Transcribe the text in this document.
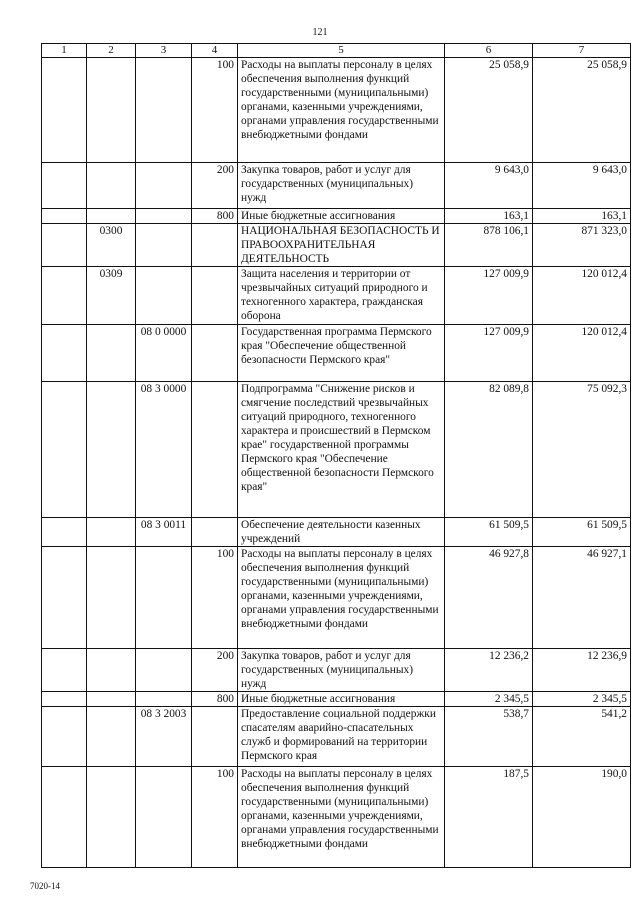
121
1	2	3	4	5	6	7
			100	Расходы на выплаты персоналу в целях обеспечения выполнения функций государственными (муниципальными) органами, казенными учреждениями, органами управления государственными внебюджетными фондами	25 058,9	25 058,9
			200	Закупка товаров, работ и услуг для государственных (муниципальных) нужд	9 643,0	9 643,0
			800	Иные бюджетные ассигнования	163,1	163,1
	0300			НАЦИОНАЛЬНАЯ БЕЗОПАСНОСТЬ И ПРАВООХРАНИТЕЛЬНАЯ ДЕЯТЕЛЬНОСТЬ	878 106,1	871 323,0
	0309			Защита населения и территории от чрезвычайных ситуаций природного и техногенного характера, гражданская оборона	127 009,9	120 012,4
		08 0 0000		Государственная программа Пермского края "Обеспечение общественной безопасности Пермского края"	127 009,9	120 012,4
		08 3 0000		Подпрограмма "Снижение рисков и смягчение последствий чрезвычайных ситуаций природного, техногенного характера и происшествий в Пермском крае" государственной программы Пермского края "Обеспечение общественной безопасности Пермского края"	82 089,8	75 092,3
		08 3 0011		Обеспечение деятельности казенных учреждений	61 509,5	61 509,5
			100	Расходы на выплаты персоналу в целях обеспечения выполнения функций государственными (муниципальными) органами, казенными учреждениями, органами управления государственными внебюджетными фондами	46 927,8	46 927,1
			200	Закупка товаров, работ и услуг для государственных (муниципальных) нужд	12 236,2	12 236,9
			800	Иные бюджетные ассигнования	2 345,5	2 345,5
		08 3 2003		Предоставление социальной поддержки спасателям аварийно-спасательных служб и формирований на территории Пермского края	538,7	541,2
			100	Расходы на выплаты персоналу в целях обеспечения выполнения функций государственными (муниципальными) органами, казенными учреждениями, органами управления государственными внебюджетными фондами	187,5	190,0
7020-14
